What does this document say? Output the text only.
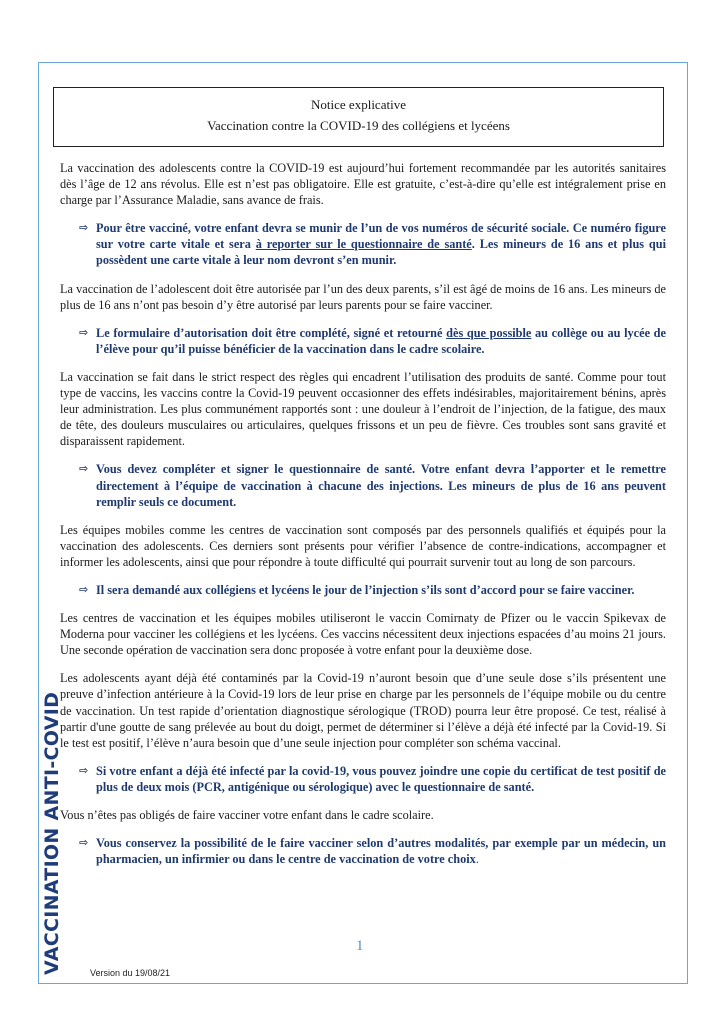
Notice explicative
Vaccination contre la COVID-19 des collégiens et lycéens

La vaccination des adolescents contre la COVID-19 est aujourd’hui fortement recommandée par les autorités sanitaires dès l’âge de 12 ans révolus. Elle est n’est pas obligatoire. Elle est gratuite, c’est-à-dire qu’elle est intégralement prise en charge par l’Assurance Maladie, sans avance de frais.

⇨ Pour être vacciné, votre enfant devra se munir de l’un de vos numéros de sécurité sociale. Ce numéro figure sur votre carte vitale et sera à reporter sur le questionnaire de santé. Les mineurs de 16 ans et plus qui possèdent une carte vitale à leur nom devront s’en munir.

La vaccination de l’adolescent doit être autorisée par l’un des deux parents, s’il est âgé de moins de 16 ans. Les mineurs de plus de 16 ans n’ont pas besoin d’y être autorisé par leurs parents pour se faire vacciner.

⇨ Le formulaire d’autorisation doit être complété, signé et retourné dès que possible au collège ou au lycée de l’élève pour qu’il puisse bénéficier de la vaccination dans le cadre scolaire.

La vaccination se fait dans le strict respect des règles qui encadrent l’utilisation des produits de santé. Comme pour tout type de vaccins, les vaccins contre la Covid-19 peuvent occasionner des effets indésirables, majoritairement bénins, après leur administration. Les plus communément rapportés sont : une douleur à l’endroit de l’injection, de la fatigue, des maux de tête, des douleurs musculaires ou articulaires, quelques frissons et un peu de fièvre. Ces troubles sont sans gravité et disparaissent rapidement.

⇨ Vous devez compléter et signer le questionnaire de santé. Votre enfant devra l’apporter et le remettre directement à l’équipe de vaccination à chacune des injections. Les mineurs de plus de 16 ans peuvent remplir seuls ce document.

Les équipes mobiles comme les centres de vaccination sont composés par des personnels qualifiés et équipés pour la vaccination des adolescents. Ces derniers sont présents pour vérifier l’absence de contre-indications, accompagner et informer les adolescents, ainsi que pour répondre à toute difficulté qui pourrait survenir tout au long de son parcours.

⇨ Il sera demandé aux collégiens et lycéens le jour de l’injection s’ils sont d’accord pour se faire vacciner.

Les centres de vaccination et les équipes mobiles utiliseront le vaccin Comirnaty de Pfizer ou le vaccin Spikevax de Moderna pour vacciner les collégiens et les lycéens. Ces vaccins nécessitent deux injections espacées d’au moins 21 jours. Une seconde opération de vaccination sera donc proposée à votre enfant pour la deuxième dose.

Les adolescents ayant déjà été contaminés par la Covid-19 n’auront besoin que d’une seule dose s’ils présentent une preuve d’infection antérieure à la Covid-19 lors de leur prise en charge par les personnels de l’équipe mobile ou du centre de vaccination. Un test rapide d’orientation diagnostique sérologique (TROD) pourra leur être proposé. Ce test, réalisé à partir d'une goutte de sang prélevée au bout du doigt, permet de déterminer si l’élève a déjà été infecté par la Covid-19. Si le test est positif, l’élève n’aura besoin que d’une seule injection pour compléter son schéma vaccinal.

⇨ Si votre enfant a déjà été infecté par la covid-19, vous pouvez joindre une copie du certificat de test positif de plus de deux mois (PCR, antigénique ou sérologique) avec le questionnaire de santé.

Vous n’êtes pas obligés de faire vacciner votre enfant dans le cadre scolaire.

⇨ Vous conservez la possibilité de le faire vacciner selon d’autres modalités, par exemple par un médecin, un pharmacien, un infirmier ou dans le centre de vaccination de votre choix.
1
VACCINATION ANTI-COVID	Version du 19/08/21
